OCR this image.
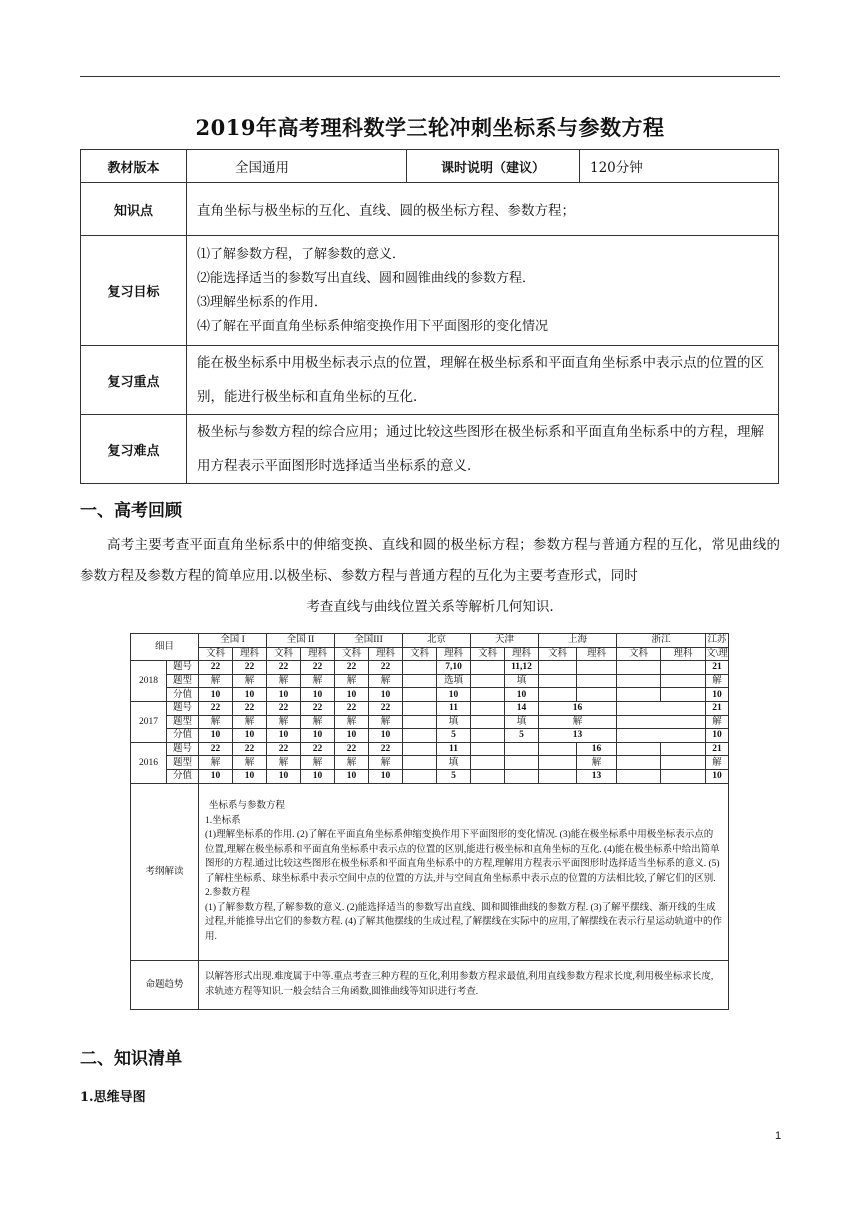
2019年高考理科数学三轮冲刺坐标系与参数方程
教材版本	全国通用	课时说明（建议）	120分钟
知识点	直角坐标与极坐标的互化、直线、圆的极坐标方程、参数方程；		
复习目标	⑴了解参数方程，了解参数的意义．
⑵能选择适当的参数写出直线、圆和圆锥曲线的参数方程．
⑶理解坐标系的作用．
⑷了解在平面直角坐标系伸缩变换作用下平面图形的变化情况		

复习重点	能在极坐标系中用极坐标表示点的位置，理解在极坐标系和平面直角坐标系中表示点的位置的区别，能进行极坐标和直角坐标的互化．		
复习难点	极坐标与参数方程的综合应用；通过比较这些图形在极坐标系和平面直角坐标系中的方程，理解用方程表示平面图形时选择适当坐标系的意义．		
一、高考回顾
高考主要考查平面直角坐标系中的伸缩变换、直线和圆的极坐标方程；参数方程与普通方程的互化，常见曲线的参数方程及参数方程的简单应用.以极坐标、参数方程与普通方程的互化为主要考查形式，同时
考查直线与曲线位置关系等解析几何知识.
细目		全国 I		全国 II		全国III		北京		天津		上海		浙江		江苏
		文科	理科	文科	理科	文科	理科	文科	理科	文科	理科	文科	理科	文科	理科	文\理
2018	题号	22	22	22	22	22	22		7,10		11,12					21
	题型	解	解	解	解	解	解		选填		填					解
	分值	10	10	10	10	10	10		10		10					10
2017	题号	22	22	22	22	22	22		11		14	16				21
	题型	解	解	解	解	解	解		填		填	解				解
	分值	10	10	10	10	10	10		5		5	13				10
2016	题号	22	22	22	22	22	22		11				16			21
	题型	解	解	解	解	解	解		填				解			解
	分值	10	10	10	10	10	10		5				13			10
考纲解读		坐标系与参数方程
1.坐标系
(1)理解坐标系的作用. (2)了解在平面直角坐标系伸缩变换作用下平面图形的变化情况. (3)能在极坐标系中用极坐标表示点的位置,理解在极坐标系和平面直角坐标系中表示点的位置的区别,能进行极坐标和直角坐标的互化. (4)能在极坐标系中给出简单图形的方程.通过比较这些图形在极坐标系和平面直角坐标系中的方程,理解用方程表示平面图形时选择适当坐标系的意义. (5)了解柱坐标系、球坐标系中表示空间中点的位置的方法,并与空间直角坐标系中表示点的位置的方法相比较,了解它们的区别.
2.参数方程
(1)了解参数方程,了解参数的意义. (2)能选择适当的参数写出直线、圆和圆锥曲线的参数方程. (3)了解平摆线、渐开线的生成过程,并能推导出它们的参数方程. (4)了解其他摆线的生成过程,了解摆线在实际中的应用,了解摆线在表示行星运动轨道中的作用.														

命题趋势		以解答形式出现.难度属于中等.重点考查三种方程的互化,利用参数方程求最值,利用直线参数方程求长度,利用极坐标求长度,求轨迹方程等知识.一般会结合三角函数,圆锥曲线等知识进行考查.														
二、知识清单
1.思维导图
1
